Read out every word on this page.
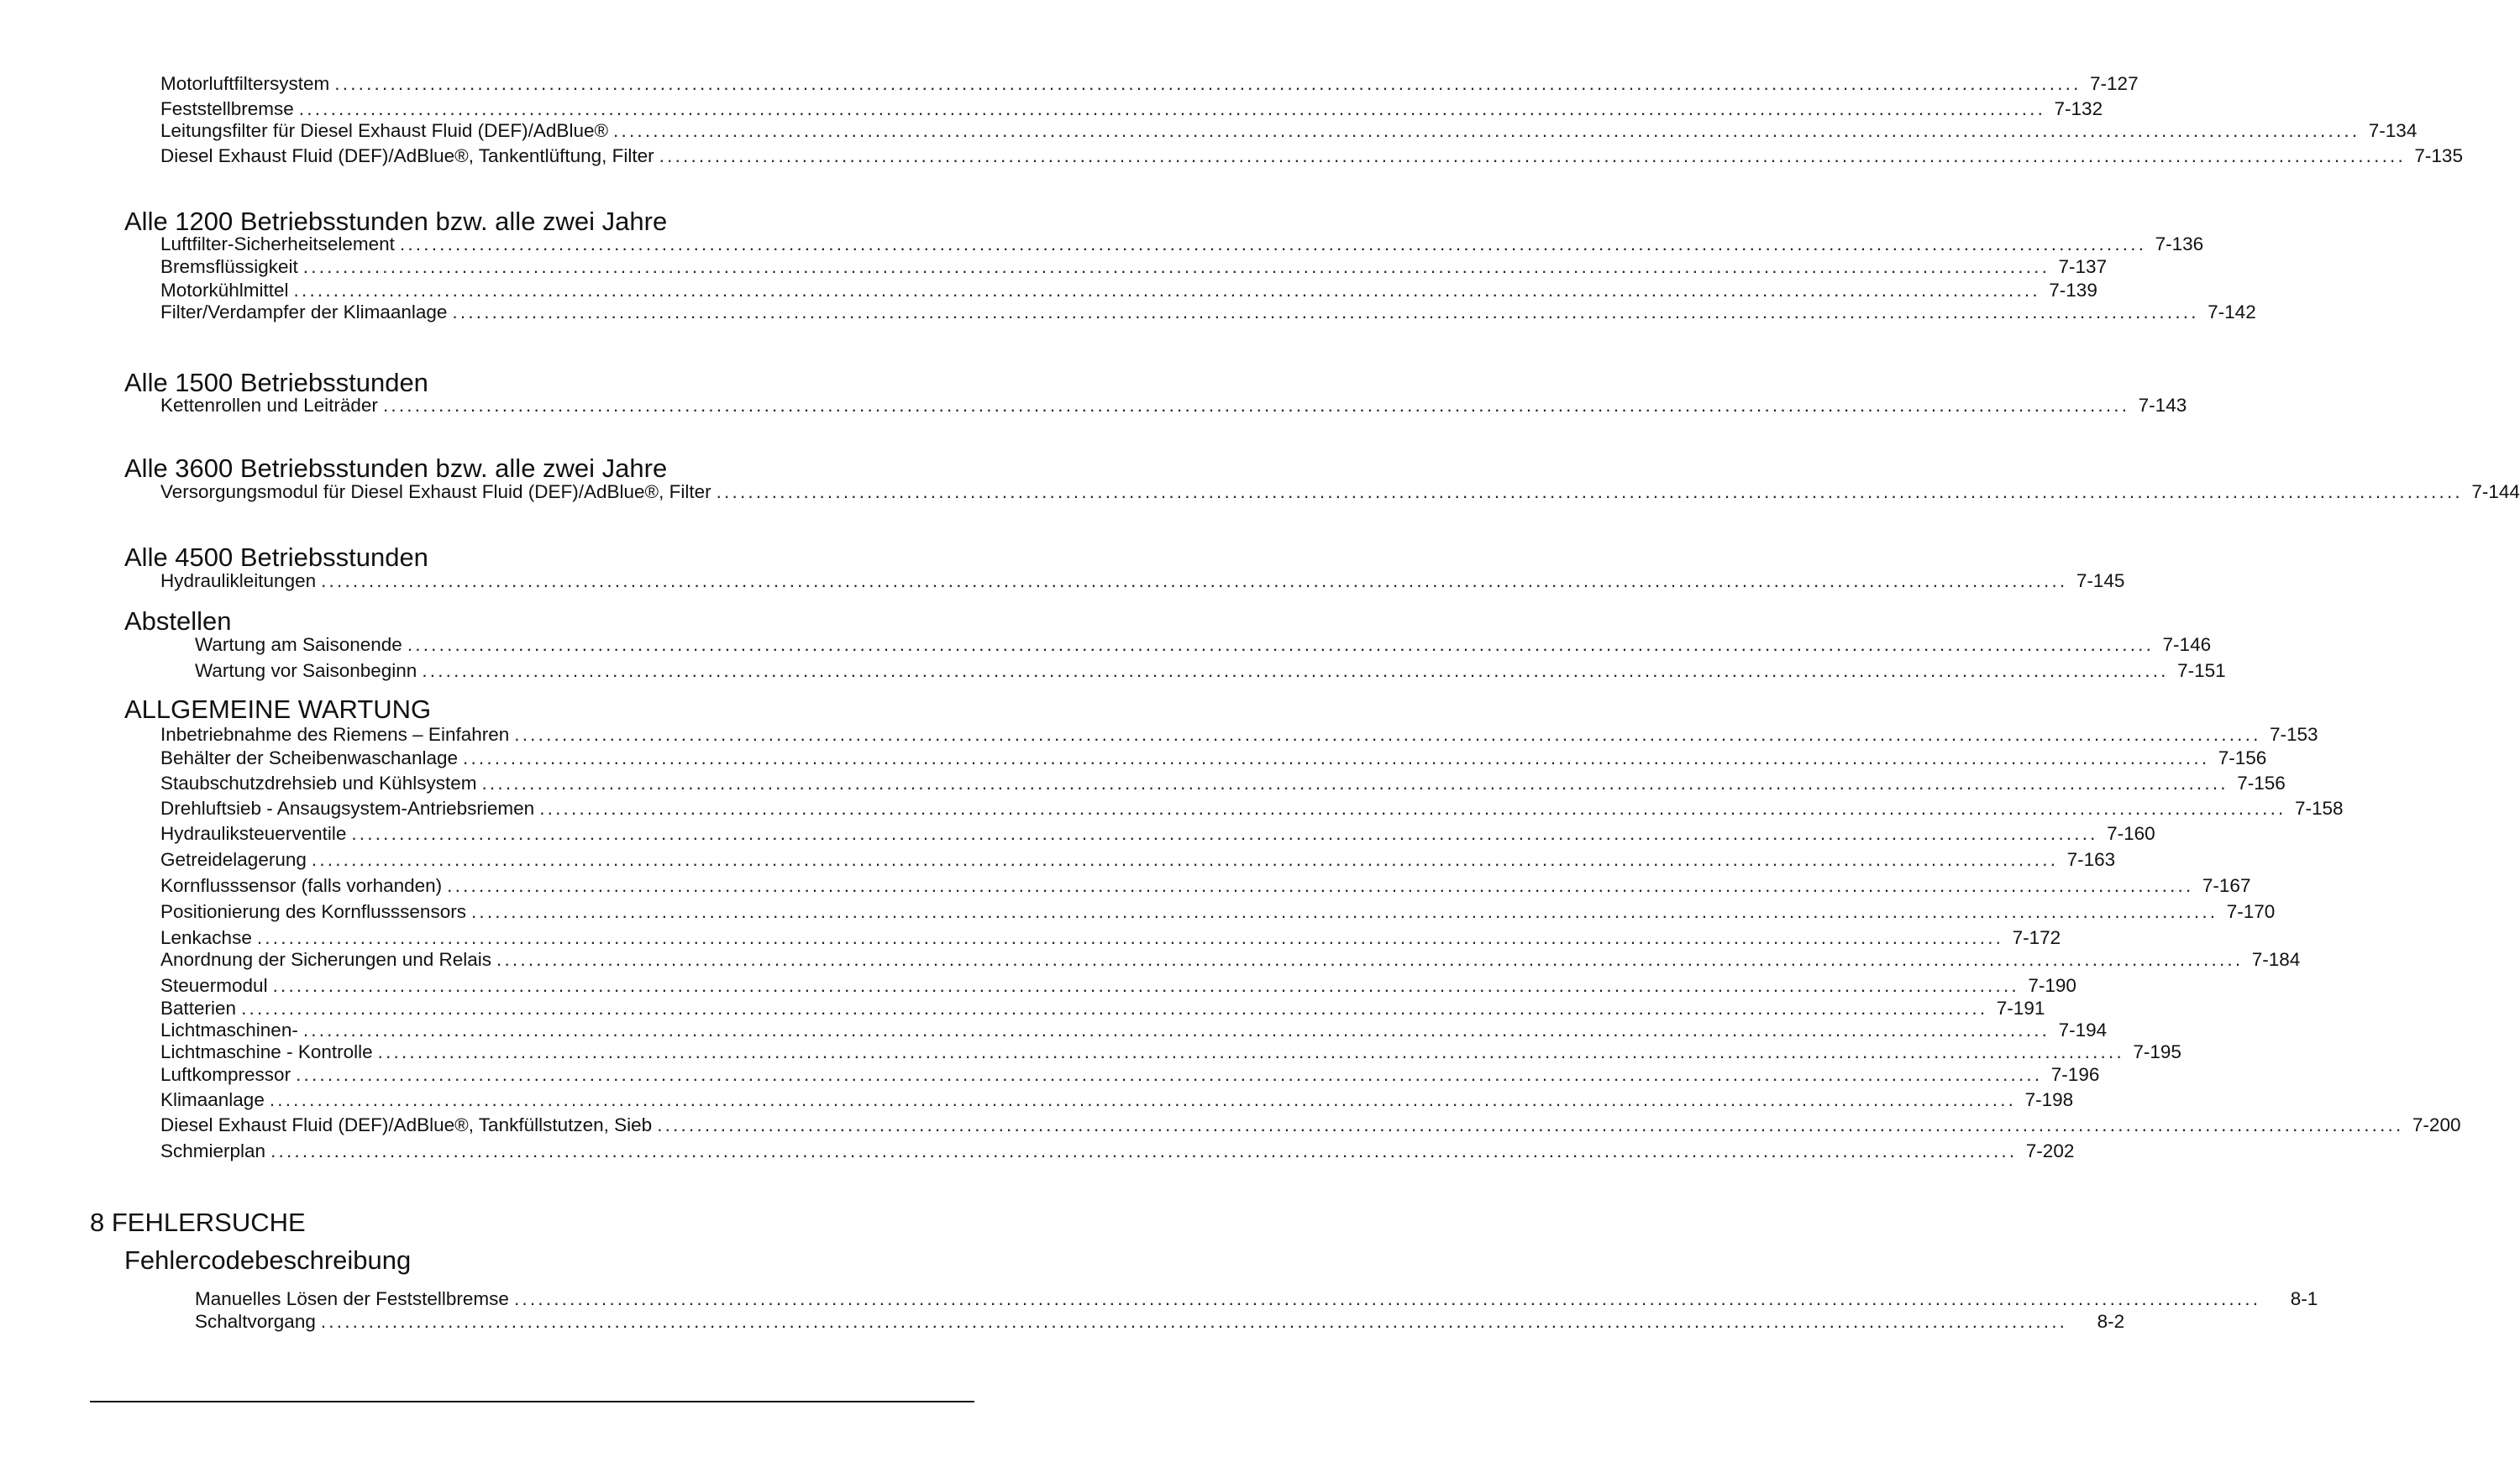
Motorluftfiltersystem ............................................................................................................................................................................................................................ 7-127
Feststellbremse ............................................................................................................................................................................................................................ 7-132
Leitungsfilter für Diesel Exhaust Fluid (DEF)/AdBlue® ............................................................................................................................................................................................................................ 7-134
Diesel Exhaust Fluid (DEF)/AdBlue®, Tankentlüftung, Filter ............................................................................................................................................................................................................................ 7-135
Alle 1200 Betriebsstunden bzw. alle zwei Jahre
Luftfilter-Sicherheitselement ............................................................................................................................................................................................................................ 7-136
Bremsflüssigkeit ............................................................................................................................................................................................................................ 7-137
Motorkühlmittel ............................................................................................................................................................................................................................ 7-139
Filter/Verdampfer der Klimaanlage ............................................................................................................................................................................................................................ 7-142
Alle 1500 Betriebsstunden
Kettenrollen und Leiträder ............................................................................................................................................................................................................................ 7-143
Alle 3600 Betriebsstunden bzw. alle zwei Jahre
Versorgungsmodul für Diesel Exhaust Fluid (DEF)/AdBlue®, Filter ............................................................................................................................................................................................................................ 7-144
Alle 4500 Betriebsstunden
Hydraulikleitungen ............................................................................................................................................................................................................................ 7-145
Abstellen
Wartung am Saisonende ............................................................................................................................................................................................................................ 7-146
Wartung vor Saisonbeginn ............................................................................................................................................................................................................................ 7-151
ALLGEMEINE WARTUNG
Inbetriebnahme des Riemens – Einfahren ............................................................................................................................................................................................................................ 7-153
Behälter der Scheibenwaschanlage ............................................................................................................................................................................................................................ 7-156
Staubschutzdrehsieb und Kühlsystem ............................................................................................................................................................................................................................ 7-156
Drehluftsieb - Ansaugsystem-Antriebsriemen ............................................................................................................................................................................................................................ 7-158
Hydrauliksteuerventile ............................................................................................................................................................................................................................ 7-160
Getreidelagerung ............................................................................................................................................................................................................................ 7-163
Kornflusssensor (falls vorhanden) ............................................................................................................................................................................................................................ 7-167
Positionierung des Kornflusssensors ............................................................................................................................................................................................................................ 7-170
Lenkachse ............................................................................................................................................................................................................................ 7-172
Anordnung der Sicherungen und Relais ............................................................................................................................................................................................................................ 7-184
Steuermodul ............................................................................................................................................................................................................................ 7-190
Batterien ............................................................................................................................................................................................................................ 7-191
Lichtmaschinen- ............................................................................................................................................................................................................................ 7-194
Lichtmaschine - Kontrolle ............................................................................................................................................................................................................................ 7-195
Luftkompressor ............................................................................................................................................................................................................................ 7-196
Klimaanlage ............................................................................................................................................................................................................................ 7-198
Diesel Exhaust Fluid (DEF)/AdBlue®, Tankfüllstutzen, Sieb ............................................................................................................................................................................................................................ 7-200
Schmierplan ............................................................................................................................................................................................................................ 7-202
8 FEHLERSUCHE
Fehlercodebeschreibung
Manuelles Lösen der Feststellbremse ............................................................................................................................................................................................................................	8-1
Schaltvorgang ............................................................................................................................................................................................................................	8-2
